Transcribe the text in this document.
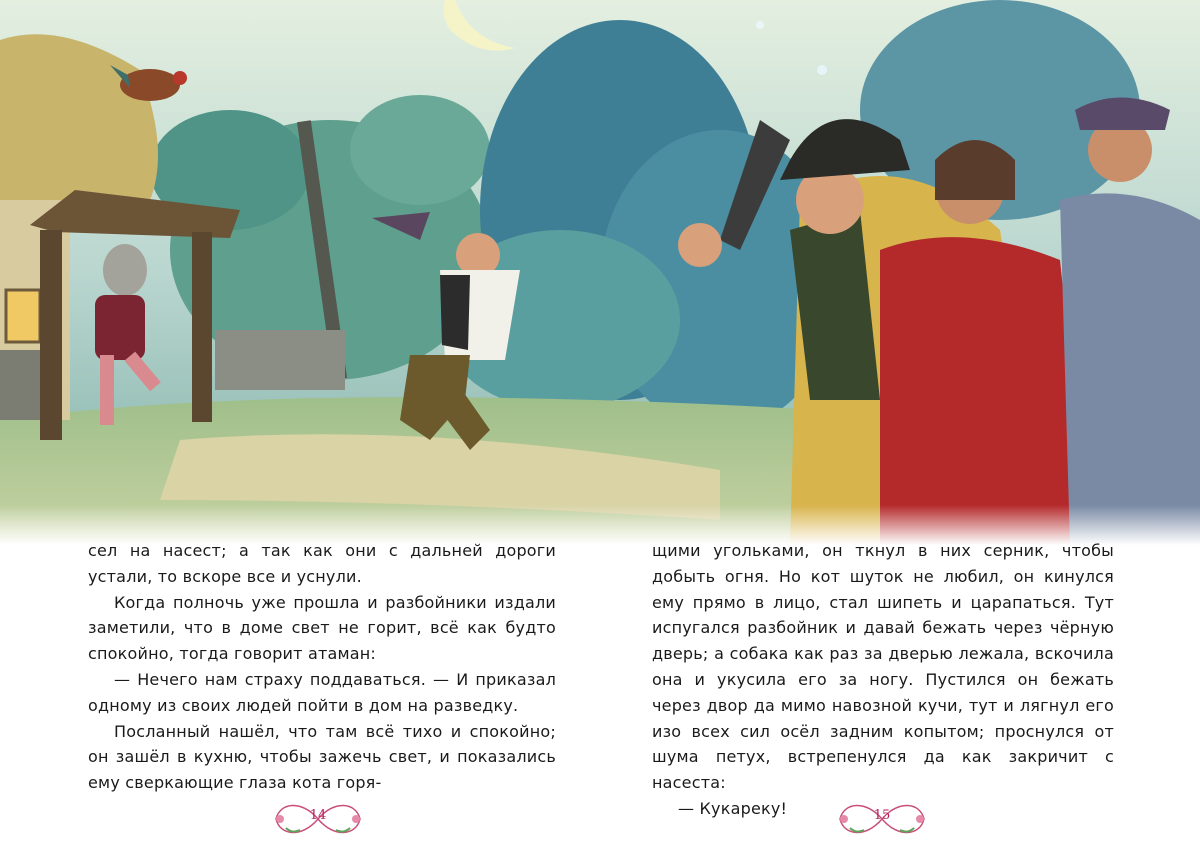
сел на насест; а так как они с дальней дороги устали, то вскоре все и уснули.

Когда полночь уже прошла и разбойники издали заметили, что в доме свет не горит, всё как будто спокойно, тогда говорит атаман:

— Нечего нам страху поддаваться. — И приказал одному из своих людей пойти в дом на разведку.

Посланный нашёл, что там всё тихо и спокойно; он зашёл в кухню, чтобы зажечь свет, и показались ему сверкающие глаза кота горя-

щими угольками, он ткнул в них серник, чтобы добыть огня. Но кот шуток не любил, он кинулся ему прямо в лицо, стал шипеть и царапаться. Тут испугался разбойник и давай бежать через чёрную дверь; а собака как раз за дверью лежала, вскочила она и укусила его за ногу. Пустился он бежать через двор да мимо навозной кучи, тут и лягнул его изо всех сил осёл задним копытом; проснулся от шума петух, встрепенулся да как закричит с насеста:

— Кукареку!

14	15
